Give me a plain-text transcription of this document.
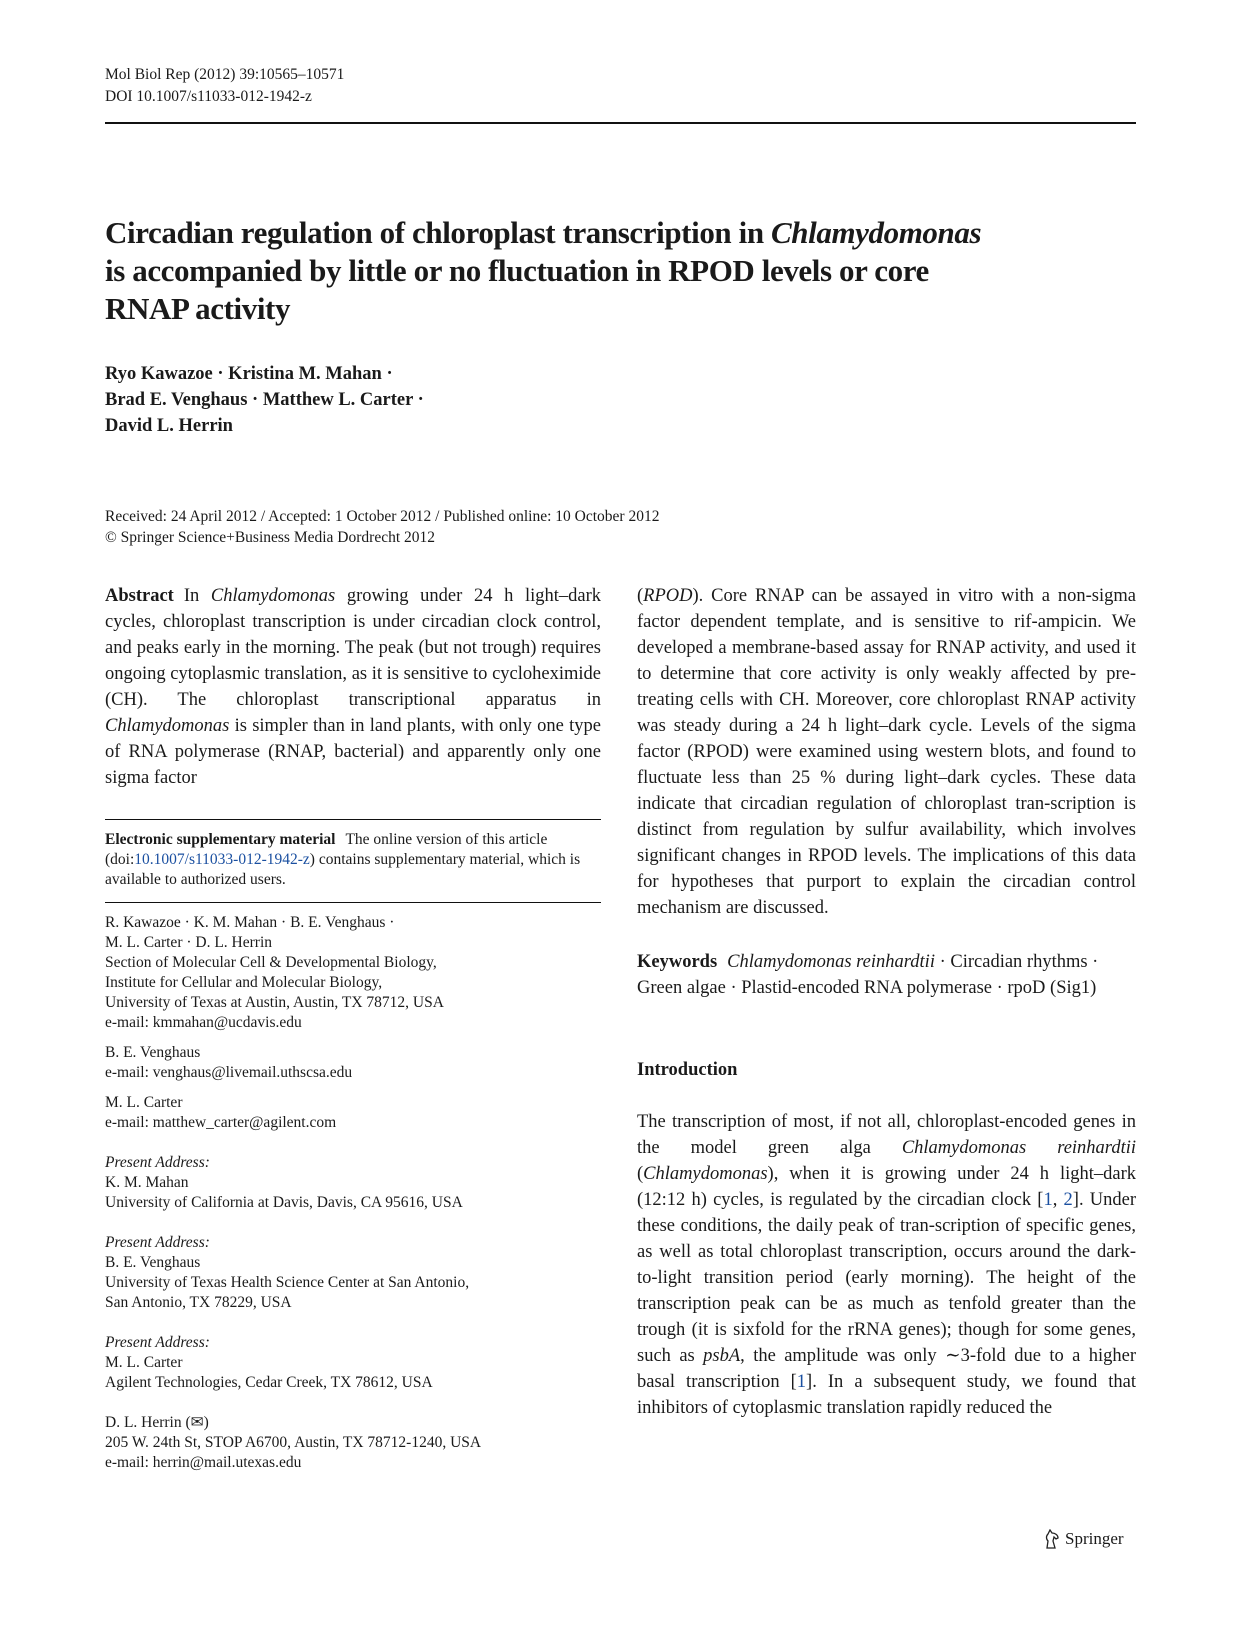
Mol Biol Rep (2012) 39:10565–10571
DOI 10.1007/s11033-012-1942-z
Circadian regulation of chloroplast transcription in Chlamydomonas
is accompanied by little or no fluctuation in RPOD levels or core
RNAP activity
Ryo Kawazoe · Kristina M. Mahan ·
Brad E. Venghaus · Matthew L. Carter ·
David L. Herrin
Received: 24 April 2012 / Accepted: 1 October 2012 / Published online: 10 October 2012
© Springer Science+Business Media Dordrecht 2012

Abstract In Chlamydomonas growing under 24 h light–dark cycles, chloroplast transcription is under circadian clock control, and peaks early in the morning. The peak (but not trough) requires ongoing cytoplasmic translation, as it is sensitive to cycloheximide (CH). The chloroplast transcriptional apparatus in Chlamydomonas is simpler than in land plants, with only one type of RNA polymerase (RNAP, bacterial) and apparently only one sigma factor

Electronic supplementary material The online version of this article (doi:10.1007/s11033-012-1942-z) contains supplementary material, which is available to authorized users.

R. Kawazoe · K. M. Mahan · B. E. Venghaus ·
M. L. Carter · D. L. Herrin
Section of Molecular Cell & Developmental Biology,
Institute for Cellular and Molecular Biology,
University of Texas at Austin, Austin, TX 78712, USA
e-mail: kmmahan@ucdavis.edu
B. E. Venghaus
e-mail: venghaus@livemail.uthscsa.edu
M. L. Carter
e-mail: matthew_carter@agilent.com
Present Address:
K. M. Mahan
University of California at Davis, Davis, CA 95616, USA
Present Address:
B. E. Venghaus
University of Texas Health Science Center at San Antonio,
San Antonio, TX 78229, USA
Present Address:
M. L. Carter
Agilent Technologies, Cedar Creek, TX 78612, USA
D. L. Herrin (✉)
205 W. 24th St, STOP A6700, Austin, TX 78712-1240, USA
e-mail: herrin@mail.utexas.edu

(RPOD). Core RNAP can be assayed in vitro with a non-sigma factor dependent template, and is sensitive to rif-ampicin. We developed a membrane-based assay for RNAP activity, and used it to determine that core activity is only weakly affected by pre-treating cells with CH. Moreover, core chloroplast RNAP activity was steady during a 24 h light–dark cycle. Levels of the sigma factor (RPOD) were examined using western blots, and found to fluctuate less than 25 % during light–dark cycles. These data indicate that circadian regulation of chloroplast tran-scription is distinct from regulation by sulfur availability, which involves significant changes in RPOD levels. The implications of this data for hypotheses that purport to explain the circadian control mechanism are discussed.

Keywords Chlamydomonas reinhardtii · Circadian rhythms · Green algae · Plastid-encoded RNA polymerase · rpoD (Sig1)

Introduction

The transcription of most, if not all, chloroplast-encoded genes in the model green alga Chlamydomonas reinhardtii (Chlamydomonas), when it is growing under 24 h light–dark (12:12 h) cycles, is regulated by the circadian clock [1, 2]. Under these conditions, the daily peak of tran-scription of specific genes, as well as total chloroplast transcription, occurs around the dark-to-light transition period (early morning). The height of the transcription peak can be as much as tenfold greater than the trough (it is sixfold for the rRNA genes); though for some genes, such as psbA, the amplitude was only ∼3-fold due to a higher basal transcription [1]. In a subsequent study, we found that inhibitors of cytoplasmic translation rapidly reduced the

Springer
